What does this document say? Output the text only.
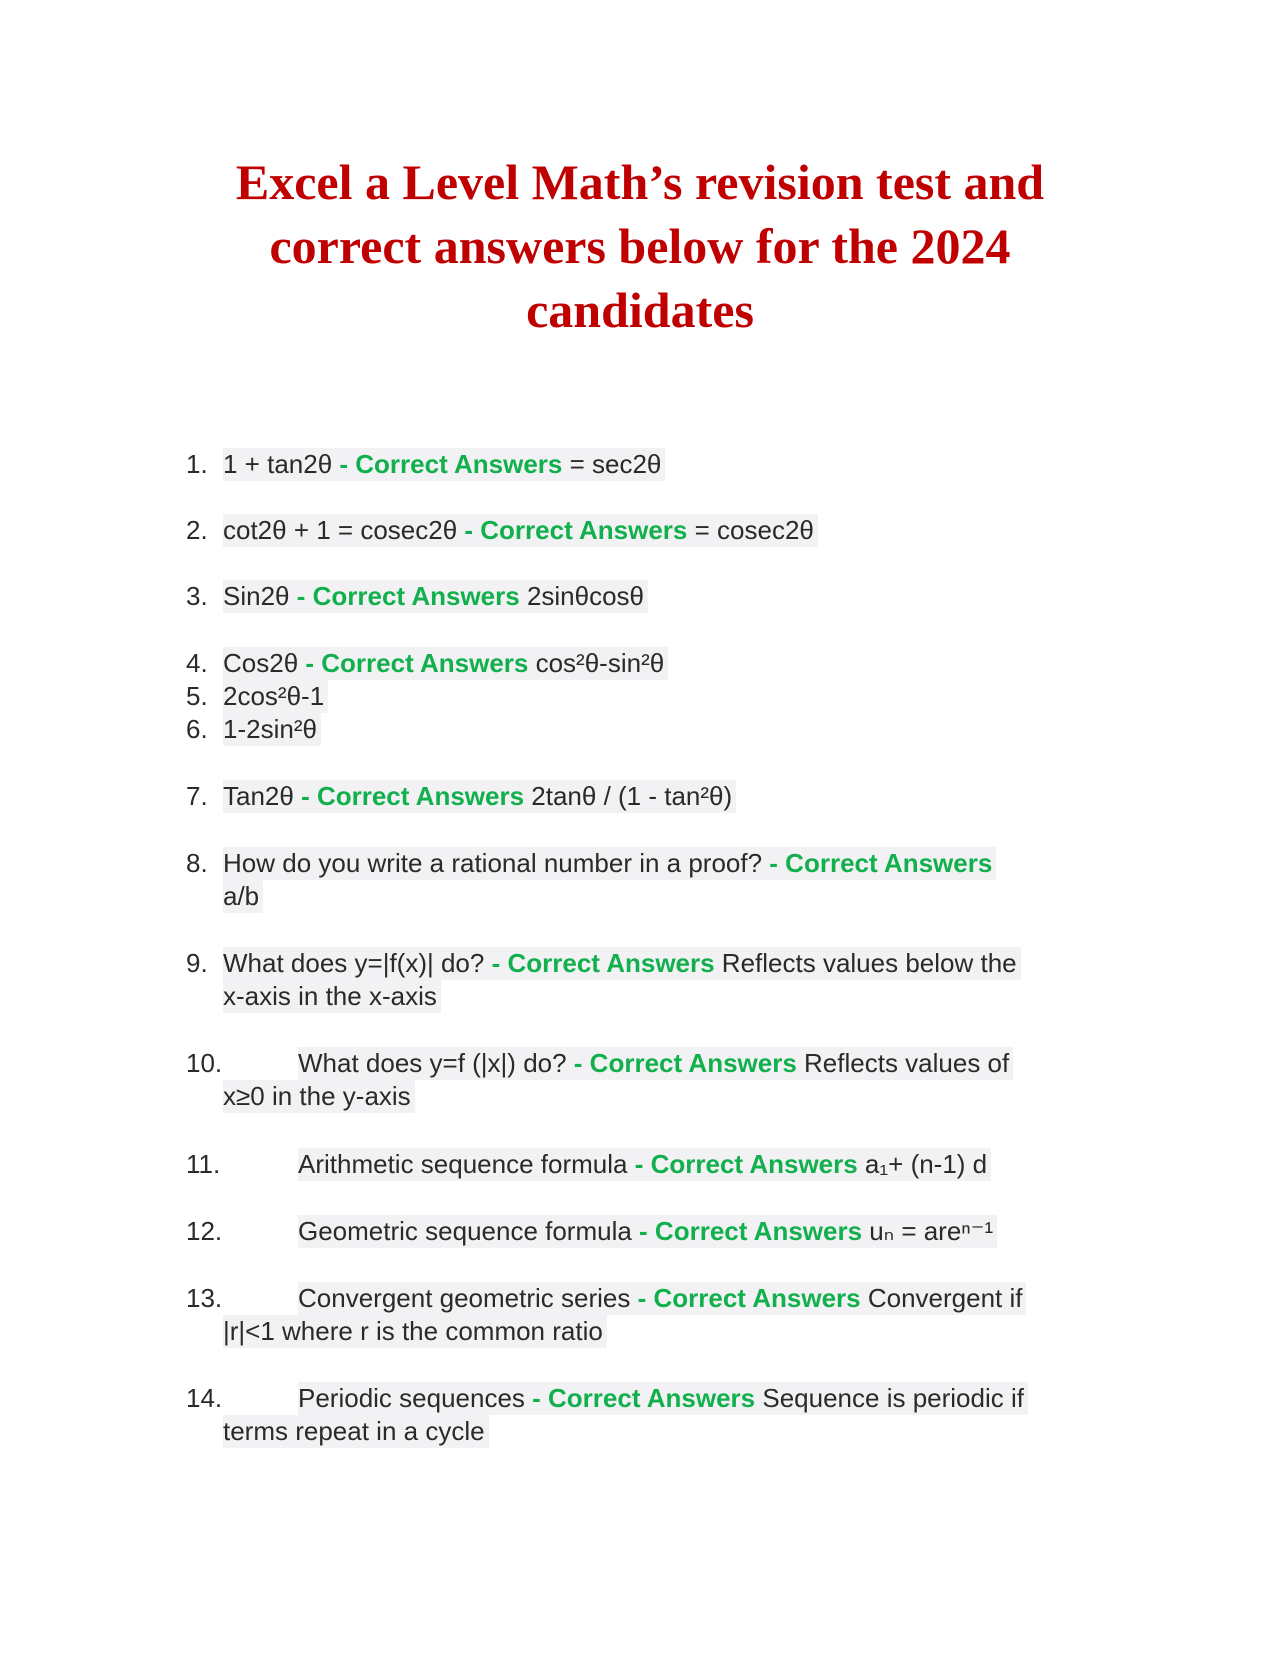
Excel a Level Math’s revision test and
correct answers below for the 2024
candidates
1. 1 + tan2θ - Correct Answers = sec2θ
2. cot2θ + 1 = cosec2θ - Correct Answers = cosec2θ
3. Sin2θ - Correct Answers 2sinθcosθ
4. Cos2θ - Correct Answers cos²θ-sin²θ
5. 2cos²θ-1
6. 1-2sin²θ
7. Tan2θ - Correct Answers 2tanθ / (1 - tan²θ)
8. How do you write a rational number in a proof? - Correct Answers
a/b
9. What does y=|f(x)| do? - Correct Answers Reflects values below the
x-axis in the x-axis
10.	What does y=f (|x|) do? - Correct Answers Reflects values of
x≥0 in the y-axis
11.	Arithmetic sequence formula - Correct Answers a₁+ (n-1) d
12.	Geometric sequence formula - Correct Answers uₙ = areⁿ⁻¹
13.	Convergent geometric series - Correct Answers Convergent if
|r|<1 where r is the common ratio
14.	Periodic sequences - Correct Answers Sequence is periodic if
terms repeat in a cycle
